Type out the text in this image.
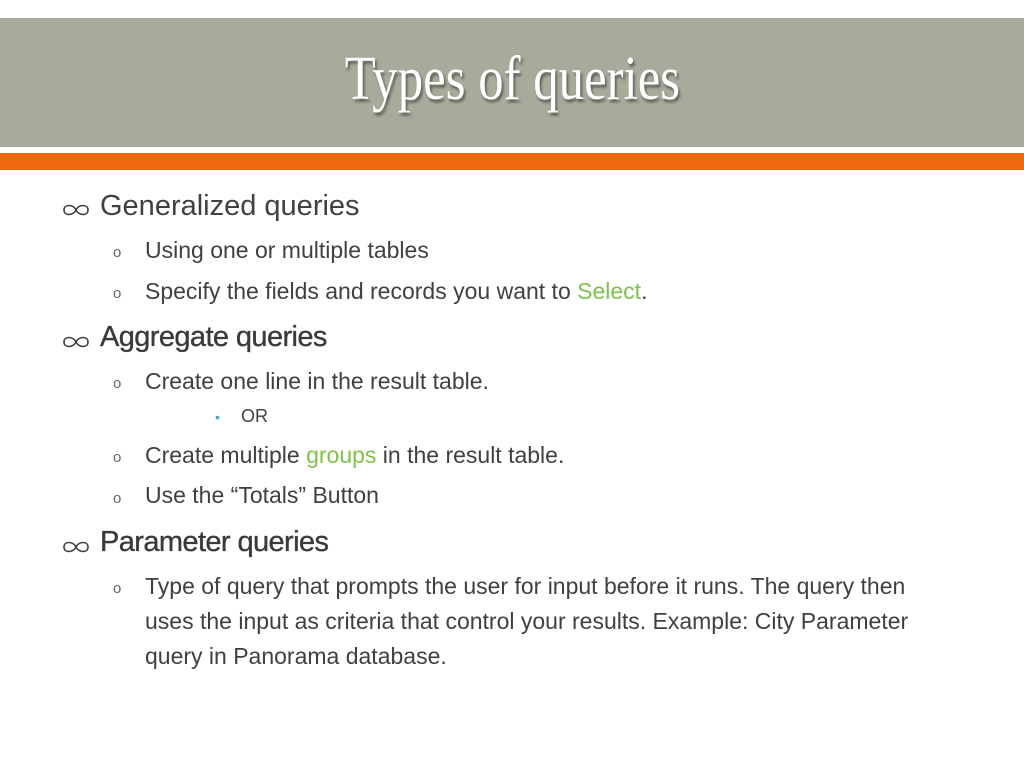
Types of queries
Generalized queries
o Using one or multiple tables
o Specify the fields and records you want to Select.
Aggregate queries
o Create one line in the result table.
• OR
o Create multiple groups in the result table.
o Use the “Totals” Button
Parameter queries
o Type of query that prompts the user for input before it runs. The query then uses the input as criteria that control your results. Example: City Parameter query in Panorama database.
